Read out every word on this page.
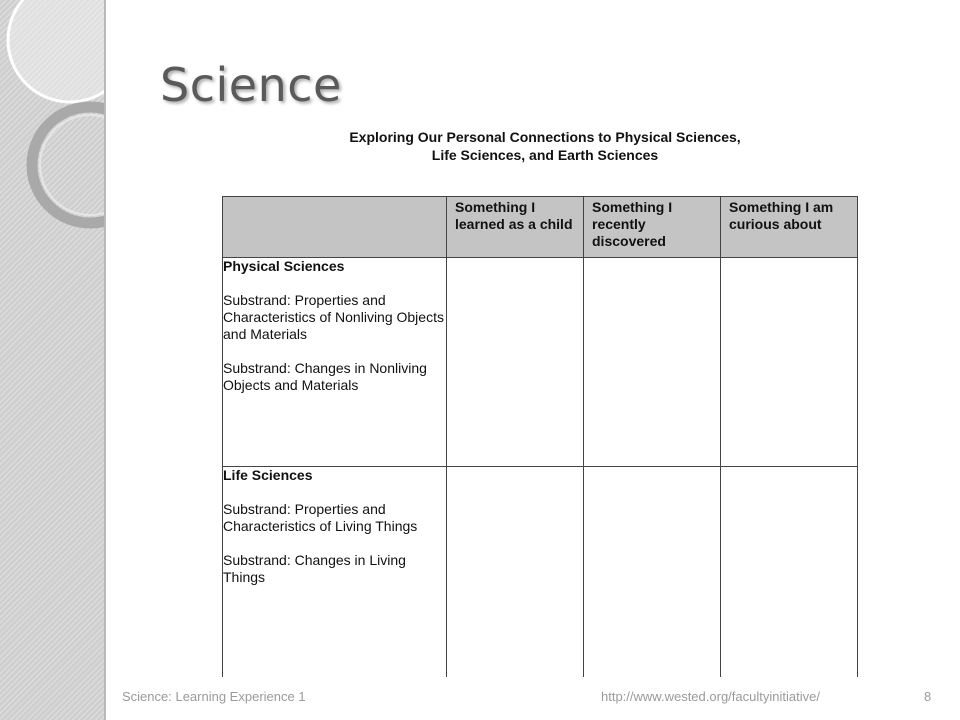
Science
Exploring Our Personal Connections to Physical Sciences,
Life Sciences, and Earth Sciences
	Something I learned as a child	Something I recently discovered	Something I am curious about

Physical Sciences
Substrand: Properties and Characteristics of Nonliving Objects and Materials
Substrand: Changes in Nonliving Objects and Materials			

Life Sciences
Substrand: Properties and Characteristics of Living Things
Substrand: Changes in Living Things			

Science: Learning Experience 1	http://www.wested.org/facultyinitiative/	8
